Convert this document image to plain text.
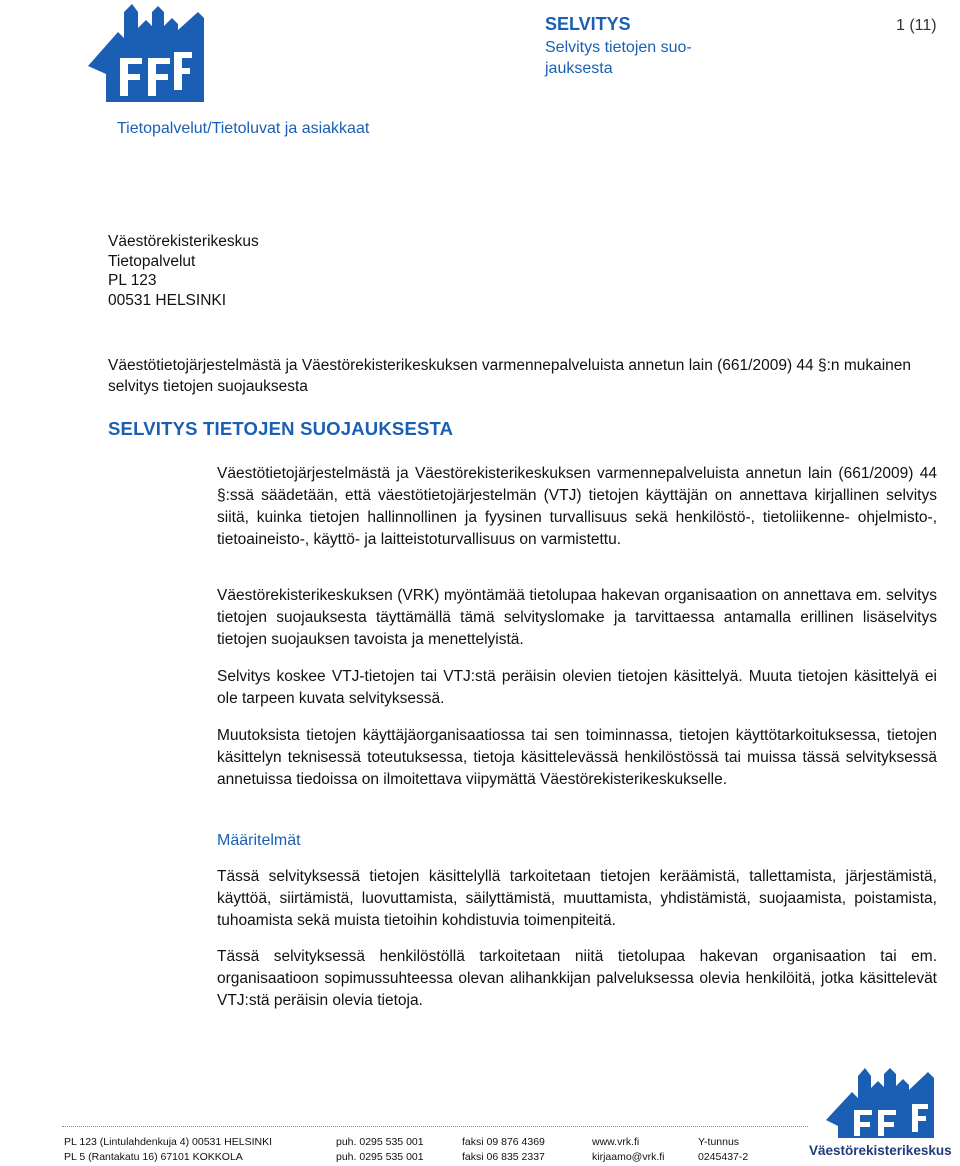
SELVITYS
Selvitys tietojen suo-
jauksesta
1 (11)
Tietopalvelut/Tietoluvat ja asiakkaat
Väestörekisterikeskus
Tietopalvelut
PL 123
00531 HELSINKI
Väestötietojärjestelmästä ja Väestörekisterikeskuksen varmennepalveluista annetun lain (661/2009) 44 §:n mukainen selvitys tietojen suojauksesta
SELVITYS TIETOJEN SUOJAUKSESTA
Väestötietojärjestelmästä ja Väestörekisterikeskuksen varmennepalveluista annetun lain (661/2009) 44 §:ssä säädetään, että väestötietojärjestelmän (VTJ) tietojen käyttäjän on annettava kirjallinen selvitys siitä, kuinka tietojen hallinnollinen ja fyysinen turvallisuus sekä henkilöstö-, tietoliikenne- ohjelmisto-, tietoaineisto-, käyttö- ja laitteistoturvallisuus on varmistettu.
Väestörekisterikeskuksen (VRK) myöntämää tietolupaa hakevan organisaation on annettava em. selvitys tietojen suojauksesta täyttämällä tämä selvityslomake ja tarvittaessa antamalla erillinen lisäselvitys tietojen suojauksen tavoista ja menettelyistä.
Selvitys koskee VTJ-tietojen tai VTJ:stä peräisin olevien tietojen käsittelyä. Muuta tietojen käsittelyä ei ole tarpeen kuvata selvityksessä.
Muutoksista tietojen käyttäjäorganisaatiossa tai sen toiminnassa, tietojen käyttötarkoituksessa, tietojen käsittelyn teknisessä toteutuksessa, tietoja käsittelevässä henkilöstössä tai muissa tässä selvityksessä annetuissa tiedoissa on ilmoitettava viipymättä Väestörekisterikeskukselle.
Määritelmät
Tässä selvityksessä tietojen käsittelyllä tarkoitetaan tietojen keräämistä, tallettamista, järjestämistä, käyttöä, siirtämistä, luovuttamista, säilyttämistä, muuttamista, yhdistämistä, suojaamista, poistamista, tuhoamista sekä muista tietoihin kohdistuvia toimenpiteitä.
Tässä selvityksessä henkilöstöllä tarkoitetaan niitä tietolupaa hakevan organisaation tai em. organisaatioon sopimussuhteessa olevan alihankkijan palveluksessa olevia henkilöitä, jotka käsittelevät VTJ:stä peräisin olevia tietoja.
PL 123 (Lintulahdenkuja 4) 00531 HELSINKI
PL 5 (Rantakatu 16) 67101 KOKKOLA
puh. 0295 535 001
puh. 0295 535 001
faksi 09 876 4369
faksi 06 835 2337
www.vrk.fi
kirjaamo@vrk.fi
Y-tunnus
0245437-2	Väestörekisterikeskus
